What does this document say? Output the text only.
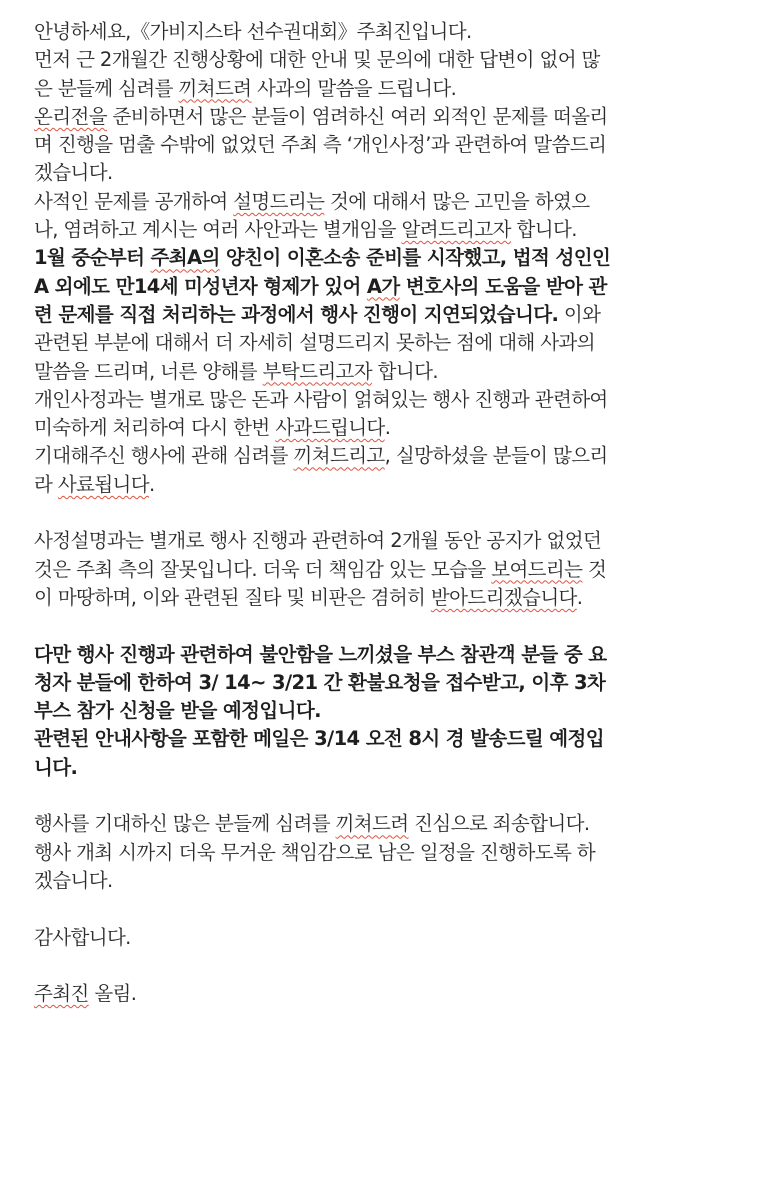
안녕하세요,《가비지스타 선수권대회》주최진입니다.
먼저 근 2개월간 진행상황에 대한 안내 및 문의에 대한 답변이 없어 많
은 분들께 심려를 끼쳐드려 사과의 말씀을 드립니다.
온리전을 준비하면서 많은 분들이 염려하신 여러 외적인 문제를 떠올리
며 진행을 멈출 수밖에 없었던 주최 측 ‘개인사정’과 관련하여 말씀드리
겠습니다.
사적인 문제를 공개하여 설명드리는 것에 대해서 많은 고민을 하였으
나, 염려하고 계시는 여러 사안과는 별개임을 알려드리고자 합니다.
1월 중순부터 주최A의 양친이 이혼소송 준비를 시작했고, 법적 성인인
A 외에도 만14세 미성년자 형제가 있어 A가 변호사의 도움을 받아 관
련 문제를 직접 처리하는 과정에서 행사 진행이 지연되었습니다. 이와
관련된 부분에 대해서 더 자세히 설명드리지 못하는 점에 대해 사과의
말씀을 드리며, 너른 양해를 부탁드리고자 합니다.
개인사정과는 별개로 많은 돈과 사람이 얽혀있는 행사 진행과 관련하여
미숙하게 처리하여 다시 한번 사과드립니다.
기대해주신 행사에 관해 심려를 끼쳐드리고, 실망하셨을 분들이 많으리
라 사료됩니다.
사정설명과는 별개로 행사 진행과 관련하여 2개월 동안 공지가 없었던
것은 주최 측의 잘못입니다. 더욱 더 책임감 있는 모습을 보여드리는 것
이 마땅하며, 이와 관련된 질타 및 비판은 겸허히 받아드리겠습니다.
다만 행사 진행과 관련하여 불안함을 느끼셨을 부스 참관객 분들 중 요
청자 분들에 한하여 3/ 14~ 3/21 간 환불요청을 접수받고, 이후 3차
부스 참가 신청을 받을 예정입니다.
관련된 안내사항을 포함한 메일은 3/14 오전 8시 경 발송드릴 예정입
니다.
행사를 기대하신 많은 분들께 심려를 끼쳐드려 진심으로 죄송합니다.
행사 개최 시까지 더욱 무거운 책임감으로 남은 일정을 진행하도록 하
겠습니다.
감사합니다.
주최진 올림.
